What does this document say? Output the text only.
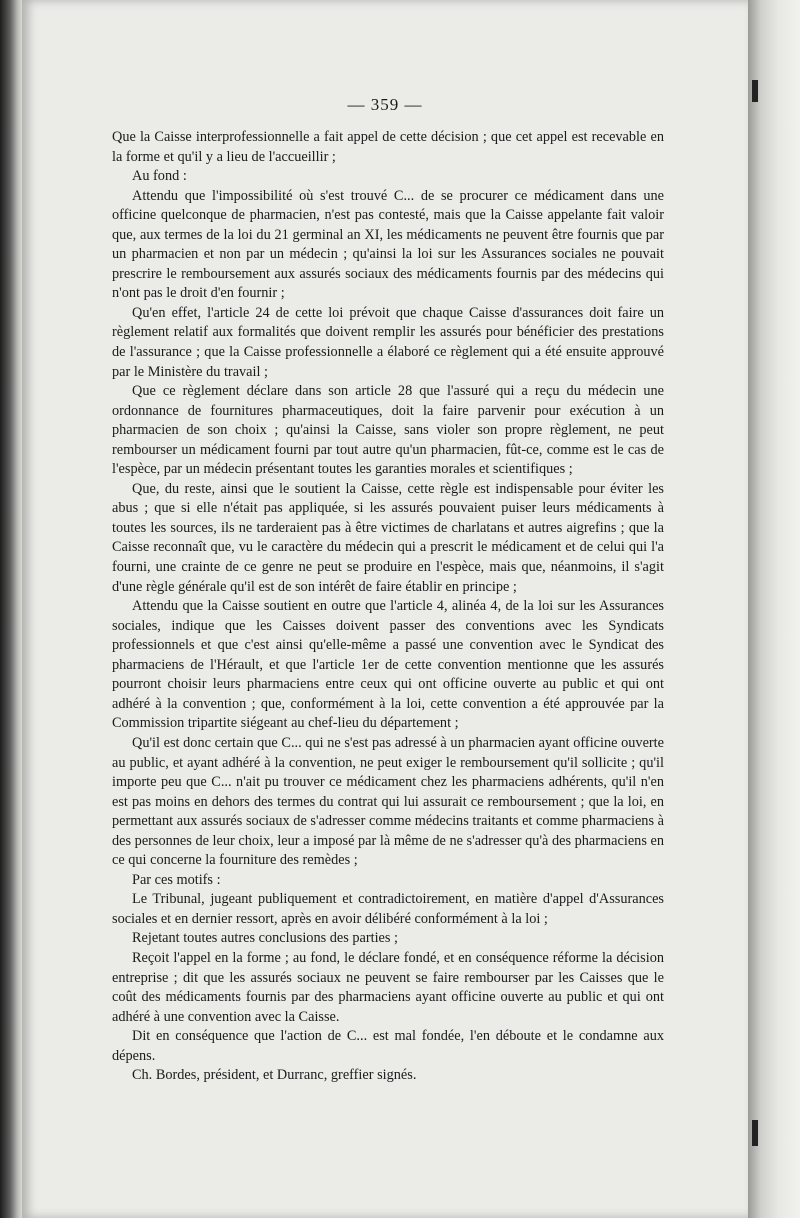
— 359 —

Que la Caisse interprofessionnelle a fait appel de cette décision ; que cet appel est recevable en la forme et qu'il y a lieu de l'accueillir ;

Au fond :

Attendu que l'impossibilité où s'est trouvé C... de se procurer ce médicament dans une officine quelconque de pharmacien, n'est pas contesté, mais que la Caisse appelante fait valoir que, aux termes de la loi du 21 germinal an XI, les médicaments ne peuvent être fournis que par un pharmacien et non par un médecin ; qu'ainsi la loi sur les Assurances sociales ne pouvait prescrire le remboursement aux assurés sociaux des médicaments fournis par des médecins qui n'ont pas le droit d'en fournir ;

Qu'en effet, l'article 24 de cette loi prévoit que chaque Caisse d'assurances doit faire un règlement relatif aux formalités que doivent remplir les assurés pour bénéficier des prestations de l'assurance ; que la Caisse professionnelle a élaboré ce règlement qui a été ensuite approuvé par le Ministère du travail ;

Que ce règlement déclare dans son article 28 que l'assuré qui a reçu du médecin une ordonnance de fournitures pharmaceutiques, doit la faire parvenir pour exécution à un pharmacien de son choix ; qu'ainsi la Caisse, sans violer son propre règlement, ne peut rembourser un médicament fourni par tout autre qu'un pharmacien, fût-ce, comme est le cas de l'espèce, par un médecin présentant toutes les garanties morales et scientifiques ;

Que, du reste, ainsi que le soutient la Caisse, cette règle est indispensable pour éviter les abus ; que si elle n'était pas appliquée, si les assurés pouvaient puiser leurs médicaments à toutes les sources, ils ne tarderaient pas à être victimes de charlatans et autres aigrefins ; que la Caisse reconnaît que, vu le caractère du médecin qui a prescrit le médicament et de celui qui l'a fourni, une crainte de ce genre ne peut se produire en l'espèce, mais que, néanmoins, il s'agit d'une règle générale qu'il est de son intérêt de faire établir en principe ;

Attendu que la Caisse soutient en outre que l'article 4, alinéa 4, de la loi sur les Assurances sociales, indique que les Caisses doivent passer des conventions avec les Syndicats professionnels et que c'est ainsi qu'elle-même a passé une convention avec le Syndicat des pharmaciens de l'Hérault, et que l'article 1er de cette convention mentionne que les assurés pourront choisir leurs pharmaciens entre ceux qui ont officine ouverte au public et qui ont adhéré à la convention ; que, conformément à la loi, cette convention a été approuvée par la Commission tripartite siégeant au chef-lieu du département ;

Qu'il est donc certain que C... qui ne s'est pas adressé à un pharmacien ayant officine ouverte au public, et ayant adhéré à la convention, ne peut exiger le remboursement qu'il sollicite ; qu'il importe peu que C... n'ait pu trouver ce médicament chez les pharmaciens adhérents, qu'il n'en est pas moins en dehors des termes du contrat qui lui assurait ce remboursement ; que la loi, en permettant aux assurés sociaux de s'adresser comme médecins traitants et comme pharmaciens à des personnes de leur choix, leur a imposé par là même de ne s'adresser qu'à des pharmaciens en ce qui concerne la fourniture des remèdes ;

Par ces motifs :

Le Tribunal, jugeant publiquement et contradictoirement, en matière d'appel d'Assurances sociales et en dernier ressort, après en avoir délibéré conformément à la loi ;

Rejetant toutes autres conclusions des parties ;

Reçoit l'appel en la forme ; au fond, le déclare fondé, et en conséquence réforme la décision entreprise ; dit que les assurés sociaux ne peuvent se faire rembourser par les Caisses que le coût des médicaments fournis par des pharmaciens ayant officine ouverte au public et qui ont adhéré à une convention avec la Caisse.

Dit en conséquence que l'action de C... est mal fondée, l'en déboute et le condamne aux dépens.

Ch. Bordes, président, et Durranc, greffier signés.
